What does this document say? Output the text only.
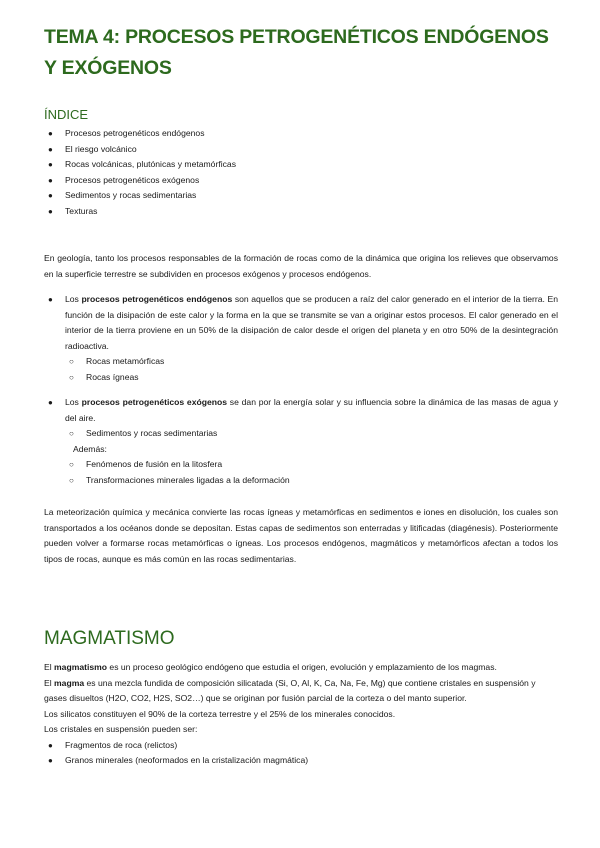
TEMA 4: PROCESOS PETROGENÉTICOS ENDÓGENOS Y EXÓGENOS
ÍNDICE
● Procesos petrogenéticos endógenos
● El riesgo volcánico
● Rocas volcánicas, plutónicas y metamórficas
● Procesos petrogenéticos exógenos
● Sedimentos y rocas sedimentarias
● Texturas

En geología, tanto los procesos responsables de la formación de rocas como de la dinámica que origina los relieves que observamos en la superficie terrestre se subdividen en procesos exógenos y procesos endógenos.

● Los procesos petrogenéticos endógenos son aquellos que se producen a raíz del calor generado en el interior de la tierra. En función de la disipación de este calor y la forma en la que se transmite se van a originar estos procesos. El calor generado en el interior de la tierra proviene en un 50% de la disipación de calor desde el origen del planeta y en otro 50% de la desintegración radioactiva.
○ Rocas metamórficas
○ Rocas ígneas
● Los procesos petrogenéticos exógenos se dan por la energía solar y su influencia sobre la dinámica de las masas de agua y del aire.
○ Sedimentos y rocas sedimentarias
Además:
○ Fenómenos de fusión en la litosfera
○ Transformaciones minerales ligadas a la deformación

La meteorización química y mecánica convierte las rocas ígneas y metamórficas en sedimentos e iones en disolución, los cuales son transportados a los océanos donde se depositan. Estas capas de sedimentos son enterradas y litificadas (diagénesis). Posteriormente pueden volver a formarse rocas metamórficas o ígneas. Los procesos endógenos, magmáticos y metamórficos afectan a todos los tipos de rocas, aunque es más común en las rocas sedimentarias.

MAGMATISMO

El magmatismo es un proceso geológico endógeno que estudia el origen, evolución y emplazamiento de los magmas.

El magma es una mezcla fundida de composición silicatada (Si, O, Al, K, Ca, Na, Fe, Mg) que contiene cristales en suspensión y gases disueltos (H2O, CO2, H2S, SO2…) que se originan por fusión parcial de la corteza o del manto superior.

Los silicatos constituyen el 90% de la corteza terrestre y el 25% de los minerales conocidos.

Los cristales en suspensión pueden ser:

● Fragmentos de roca (relictos)
● Granos minerales (neoformados en la cristalización magmática)
